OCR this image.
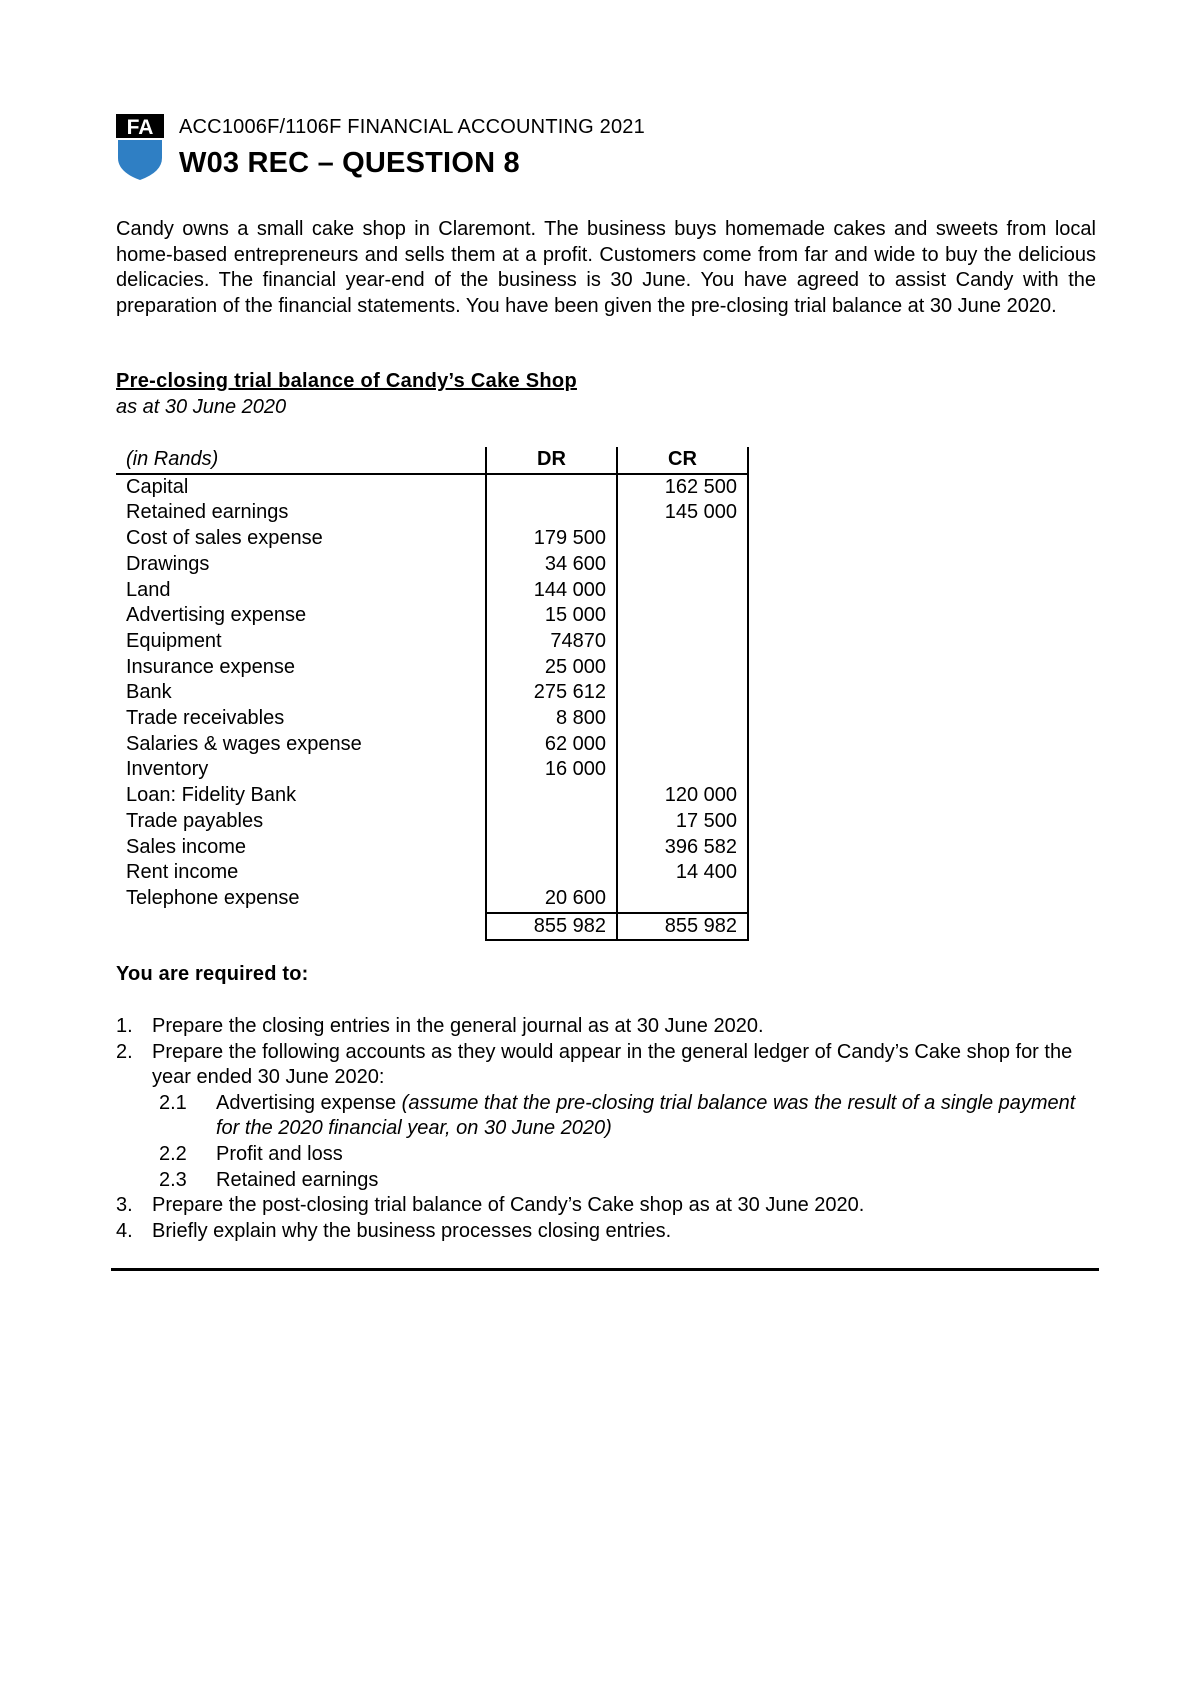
FA ACC1006F/1106F FINANCIAL ACCOUNTING 2021
W03 REC – QUESTION 8

Candy owns a small cake shop in Claremont. The business buys homemade cakes and sweets from local home-based entrepreneurs and sells them at a profit. Customers come from far and wide to buy the delicious delicacies. The financial year-end of the business is 30 June. You have agreed to assist Candy with the preparation of the financial statements. You have been given the pre-closing trial balance at 30 June 2020.

Pre-closing trial balance of Candy’s Cake Shop
as at 30 June 2020
(in Rands)	DR	CR
Capital		162 500
Retained earnings		145 000
Cost of sales expense	179 500	
Drawings	34 600	
Land	144 000	
Advertising expense	15 000	
Equipment	74870	
Insurance expense	25 000	
Bank	275 612	
Trade receivables	8 800	
Salaries & wages expense	62 000	
Inventory	16 000	
Loan: Fidelity Bank		120 000
Trade payables		17 500
Sales income		396 582
Rent income		14 400
Telephone expense	20 600	
	855 982	855 982
You are required to:
1. Prepare the closing entries in the general journal as at 30 June 2020.
2. Prepare the following accounts as they would appear in the general ledger of Candy’s Cake shop for the year ended 30 June 2020:
2.1 Advertising expense (assume that the pre-closing trial balance was the result of a single payment for the 2020 financial year, on 30 June 2020)
2.2 Profit and loss
2.3 Retained earnings
3. Prepare the post-closing trial balance of Candy’s Cake shop as at 30 June 2020.
4. Briefly explain why the business processes closing entries.
